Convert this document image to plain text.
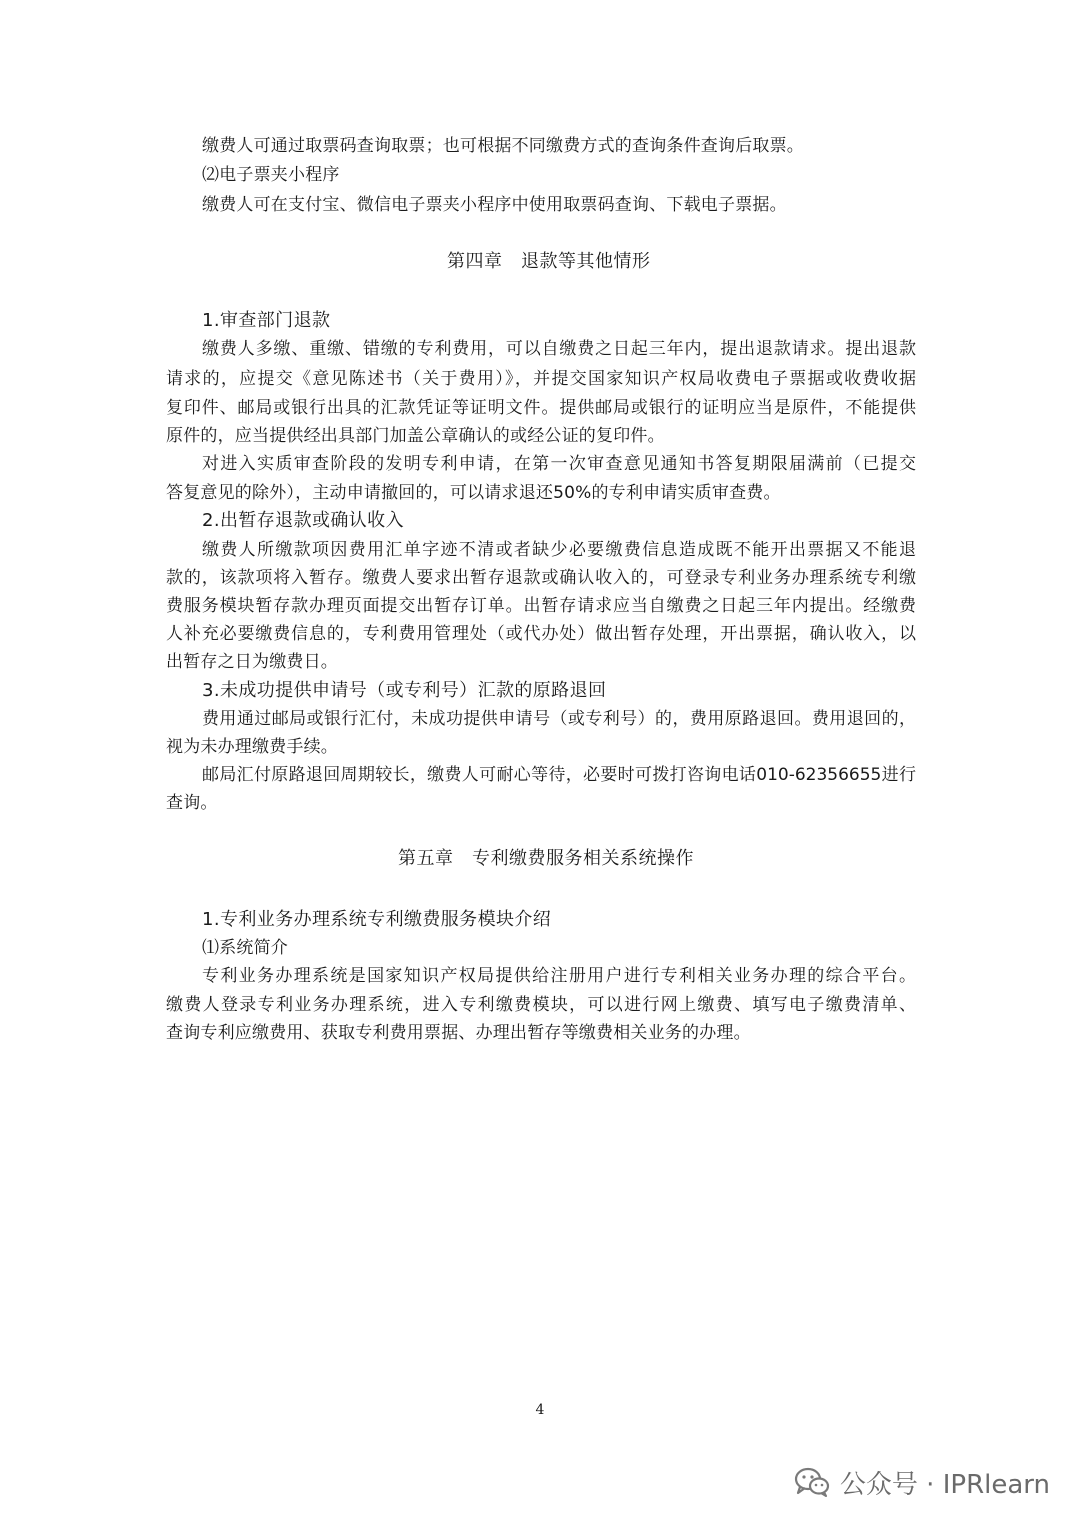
缴费人可通过取票码查询取票；也可根据不同缴费方式的查询条件查询后取票。
⑵电子票夹小程序
缴费人可在支付宝、微信电子票夹小程序中使用取票码查询、下载电子票据。
第四章　退款等其他情形
1.审查部门退款
缴费人多缴、重缴、错缴的专利费用，可以自缴费之日起三年内，提出退款请求。提出退款
请求的，应提交《意见陈述书（关于费用）》，并提交国家知识产权局收费电子票据或收费收据
复印件、邮局或银行出具的汇款凭证等证明文件。提供邮局或银行的证明应当是原件，不能提供
原件的，应当提供经出具部门加盖公章确认的或经公证的复印件。
对进入实质审查阶段的发明专利申请，在第一次审查意见通知书答复期限届满前（已提交
答复意见的除外），主动申请撤回的，可以请求退还50%的专利申请实质审查费。
2.出暂存退款或确认收入
缴费人所缴款项因费用汇单字迹不清或者缺少必要缴费信息造成既不能开出票据又不能退
款的，该款项将入暂存。缴费人要求出暂存退款或确认收入的，可登录专利业务办理系统专利缴
费服务模块暂存款办理页面提交出暂存订单。出暂存请求应当自缴费之日起三年内提出。经缴费
人补充必要缴费信息的，专利费用管理处（或代办处）做出暂存处理，开出票据，确认收入，以
出暂存之日为缴费日。
3.未成功提供申请号（或专利号）汇款的原路退回
费用通过邮局或银行汇付，未成功提供申请号（或专利号）的，费用原路退回。费用退回的，
视为未办理缴费手续。
邮局汇付原路退回周期较长，缴费人可耐心等待，必要时可拨打咨询电话010-62356655进行
查询。
第五章　专利缴费服务相关系统操作
1.专利业务办理系统专利缴费服务模块介绍
⑴系统简介
专利业务办理系统是国家知识产权局提供给注册用户进行专利相关业务办理的综合平台。
缴费人登录专利业务办理系统，进入专利缴费模块，可以进行网上缴费、填写电子缴费清单、
查询专利应缴费用、获取专利费用票据、办理出暂存等缴费相关业务的办理。
4
公众号 · IPRlearn
